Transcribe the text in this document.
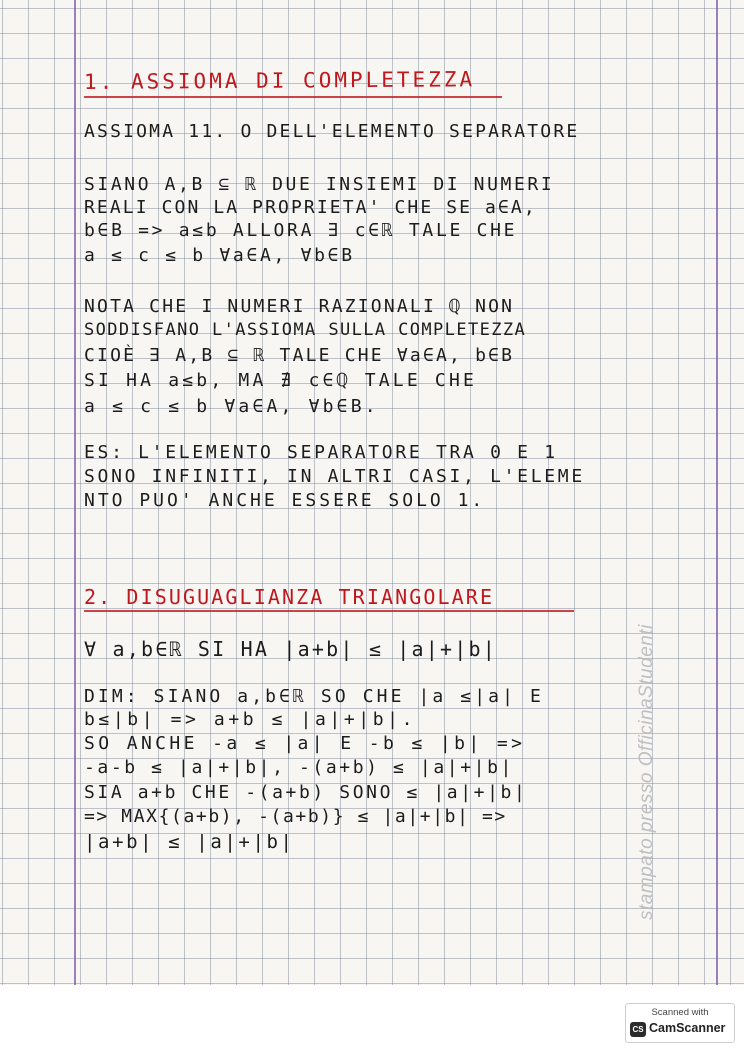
1. ASSIOMA DI COMPLETEZZA
ASSIOMA 11. O DELL'ELEMENTO SEPARATORE
SIANO A,B ⊆ ℝ DUE INSIEMI DI NUMERI
REALI CON LA PROPRIETA' CHE SE a∈A,
b∈B => a≤b ALLORA ∃ c∈ℝ TALE CHE
a ≤ c ≤ b ∀a∈A, ∀b∈B
NOTA CHE I NUMERI RAZIONALI ℚ NON
SODDISFANO L'ASSIOMA SULLA COMPLETEZZA
CIOÈ ∃ A,B ⊆ ℝ TALE CHE ∀a∈A, b∈B
SI HA a≤b, MA ∄ c∈ℚ TALE CHE
a ≤ c ≤ b ∀a∈A, ∀b∈B.
ES: L'ELEMENTO SEPARATORE TRA 0 E 1
SONO INFINITI, IN ALTRI CASI, L'ELEME
NTO PUO' ANCHE ESSERE SOLO 1.
2. DISUGUAGLIANZA TRIANGOLARE
∀ a,b∈ℝ SI HA |a+b| ≤ |a|+|b|
DIM: SIANO a,b∈ℝ SO CHE |a ≤|a| E
b≤|b| => a+b ≤ |a|+|b|.
SO ANCHE -a ≤ |a| E -b ≤ |b| =>
-a-b ≤ |a|+|b|, -(a+b) ≤ |a|+|b|
SIA a+b CHE -(a+b) SONO ≤ |a|+|b|
=> MAX{(a+b), -(a+b)} ≤ |a|+|b| =>
|a+b| ≤ |a|+|b|	stampato presso OfficinaStudenti
Scanned with
CS CamScanner
